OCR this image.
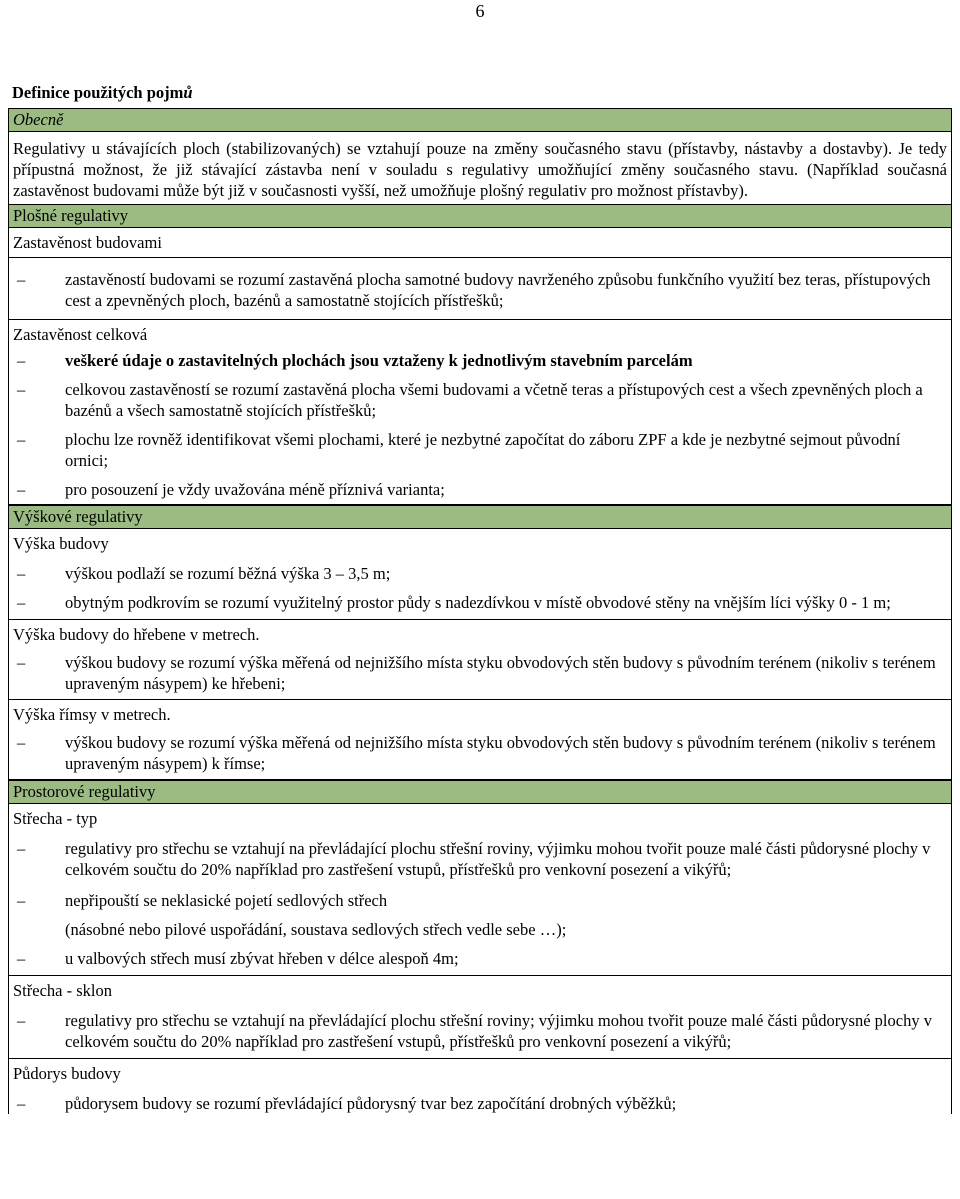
6
Definice použitých pojmů
Obecně
Regulativy u stávajících ploch (stabilizovaných) se vztahují pouze na změny současného stavu (přístavby, nástavby a dostavby). Je tedy přípustná možnost, že již stávající zástavba není v souladu s regulativy umožňující změny současného stavu. (Například současná zastavěnost budovami může být již v současnosti vyšší, než umožňuje plošný regulativ pro možnost přístavby).
Plošné regulativy
Zastavěnost budovami
– zastavěností budovami se rozumí zastavěná plocha samotné budovy navrženého způsobu funkčního využití bez teras, přístupových cest a zpevněných ploch, bazénů a samostatně stojících přístřešků;
Zastavěnost celková
– veškeré údaje o zastavitelných plochách jsou vztaženy k jednotlivým stavebním parcelám
– celkovou zastavěností se rozumí zastavěná plocha všemi budovami a včetně teras a přístupových cest a všech zpevněných ploch a bazénů a všech samostatně stojících přístřešků;
– plochu lze rovněž identifikovat všemi plochami, které je nezbytné započítat do záboru ZPF a kde je nezbytné sejmout původní ornici;
– pro posouzení je vždy uvažována méně příznivá varianta;
Výškové regulativy
Výška budovy
– výškou podlaží se rozumí běžná výška 3 – 3,5 m;
– obytným podkrovím se rozumí využitelný prostor půdy s nadezdívkou v místě obvodové stěny na vnějším líci výšky 0 - 1 m;
Výška budovy do hřebene v metrech.
– výškou budovy se rozumí výška měřená od nejnižšího místa styku obvodových stěn budovy s původním terénem (nikoliv s terénem upraveným násypem) ke hřebeni;
Výška římsy v metrech.
– výškou budovy se rozumí výška měřená od nejnižšího místa styku obvodových stěn budovy s původním terénem (nikoliv s terénem upraveným násypem) k římse;
Prostorové regulativy
Střecha - typ
– regulativy pro střechu se vztahují na převládající plochu střešní roviny, výjimku mohou tvořit pouze malé části půdorysné plochy v celkovém součtu do 20% například pro zastřešení vstupů, přístřešků pro venkovní posezení a vikýřů;
– nepřipouští se neklasické pojetí sedlových střech
(násobné nebo pilové uspořádání, soustava sedlových střech vedle sebe …);
– u valbových střech musí zbývat hřeben v délce alespoň 4m;
Střecha - sklon
– regulativy pro střechu se vztahují na převládající plochu střešní roviny; výjimku mohou tvořit pouze malé části půdorysné plochy v celkovém součtu do 20% například pro zastřešení vstupů, přístřešků pro venkovní posezení a vikýřů;
Půdorys budovy
– půdorysem budovy se rozumí převládající půdorysný tvar bez započítání drobných výběžků;
